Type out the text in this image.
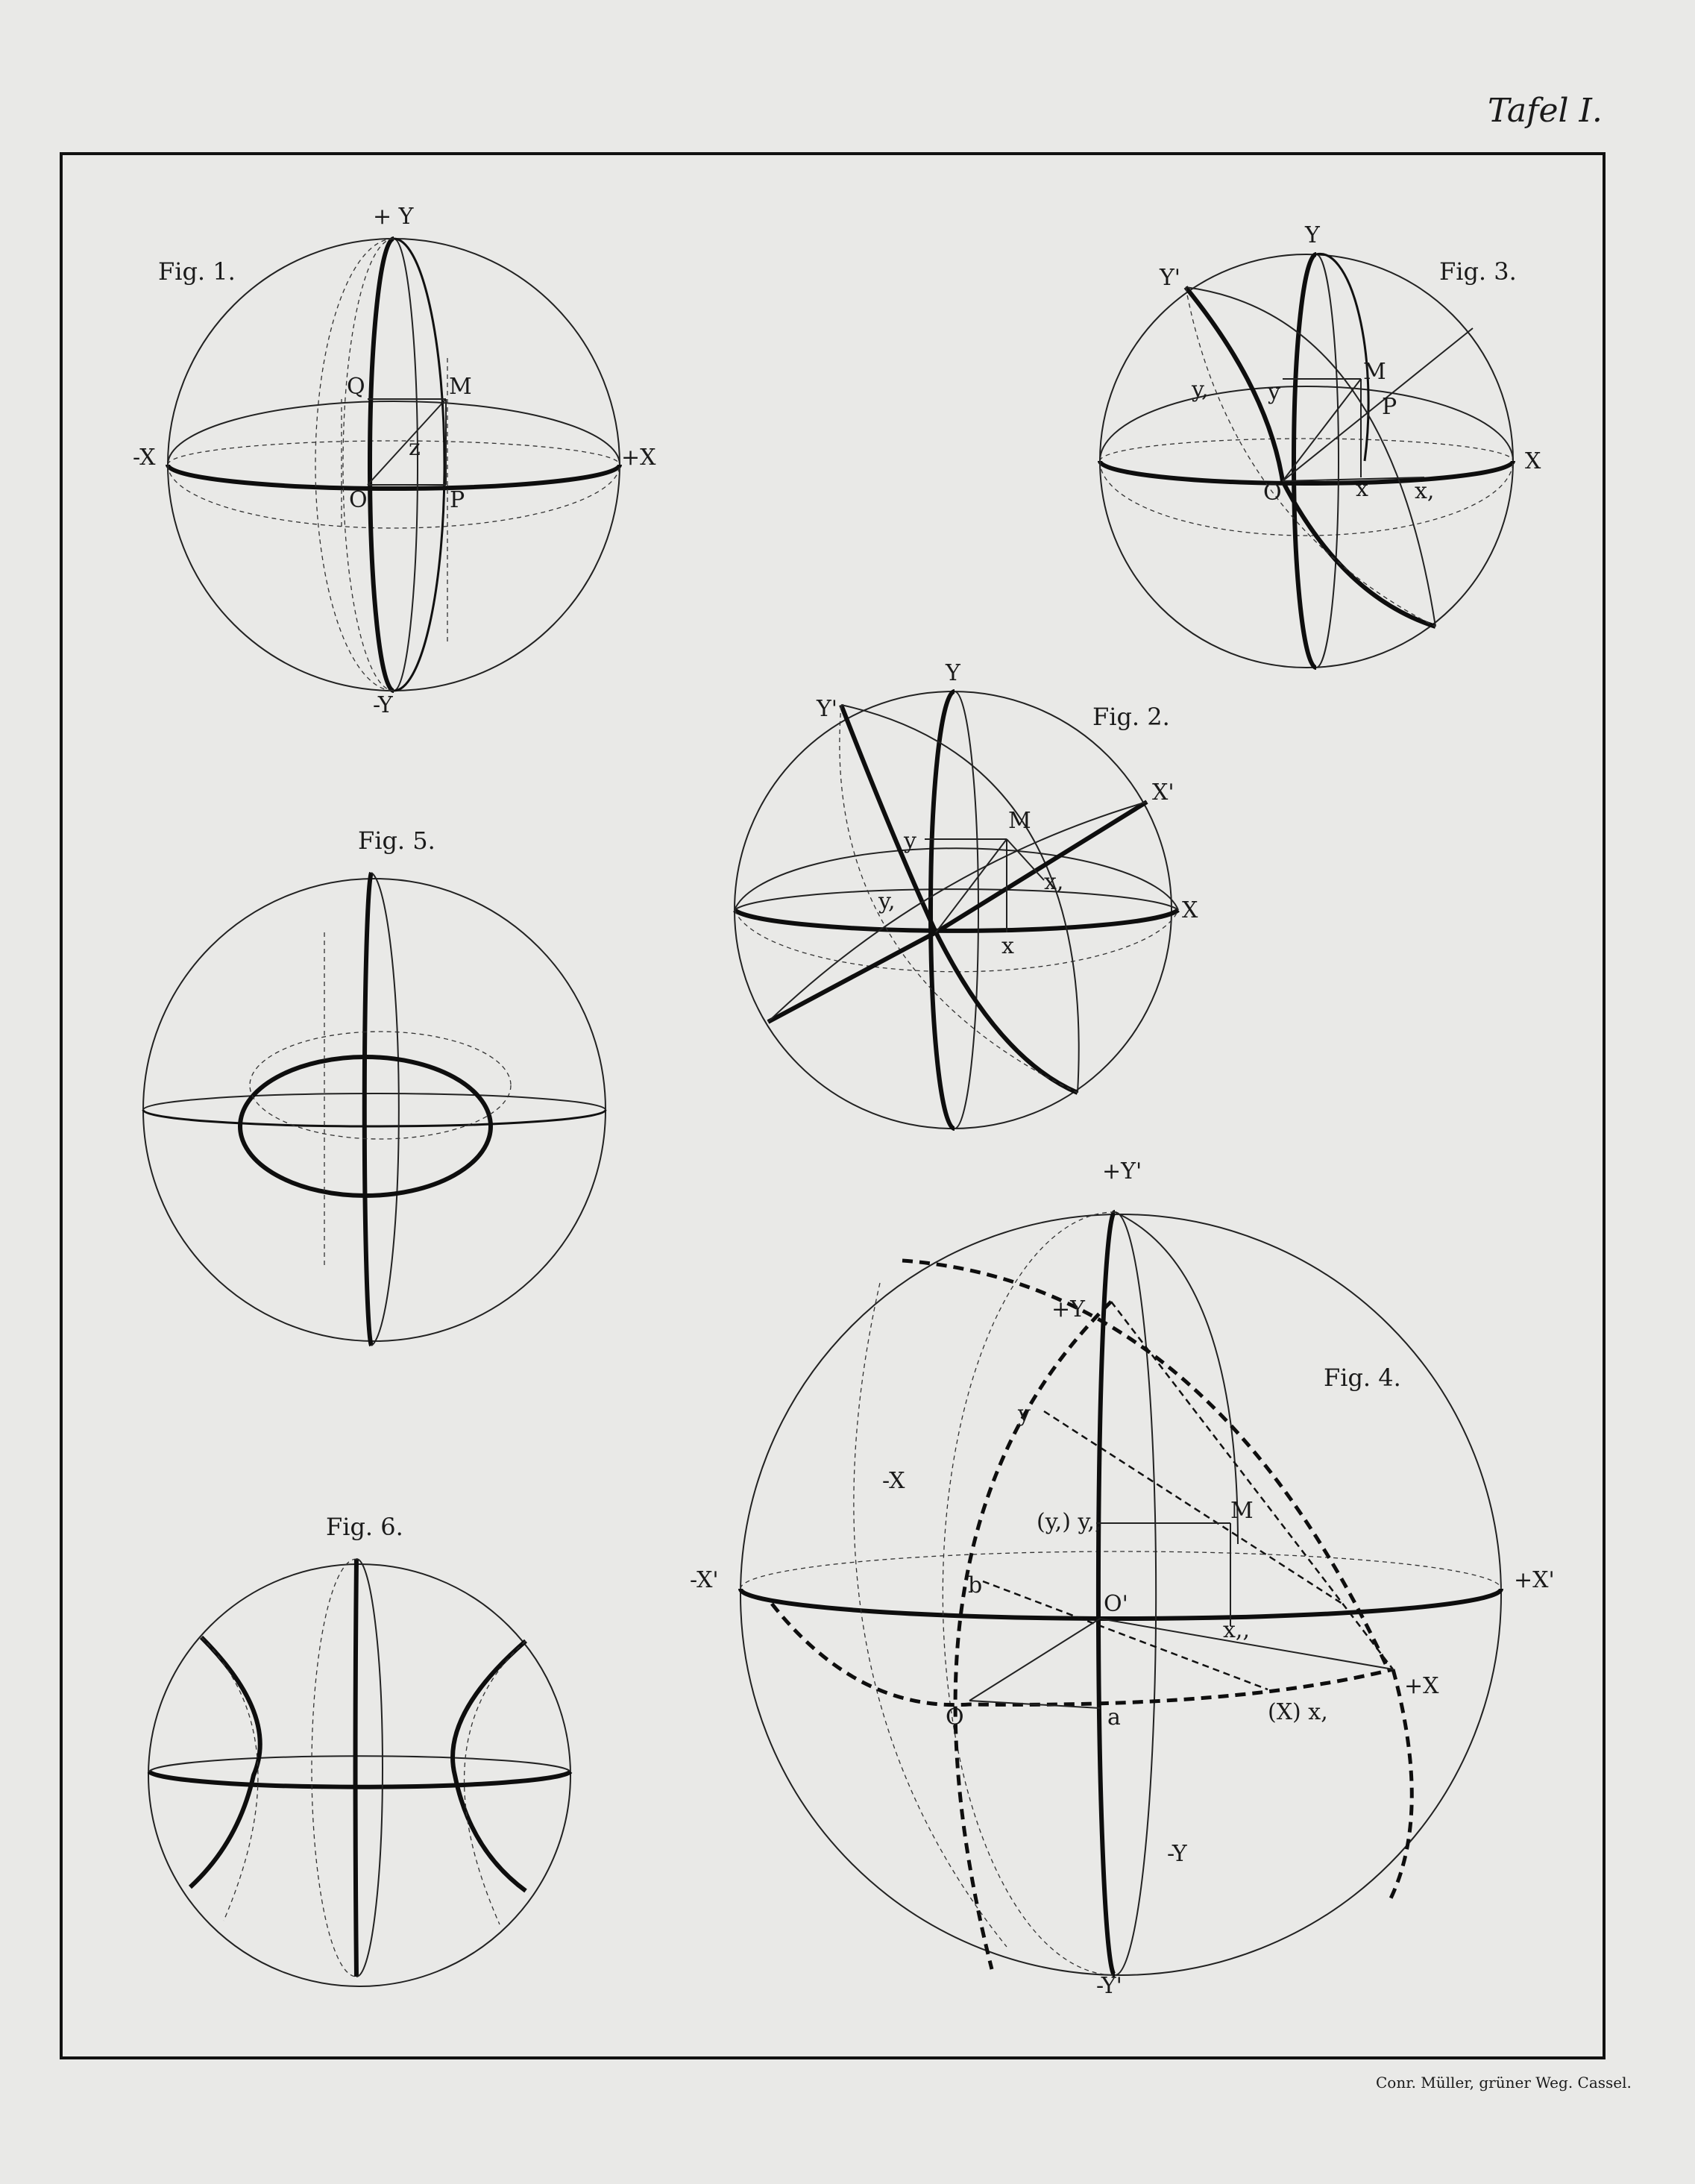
Tafel I.
Conr. Müller, grüner Weg. Cassel.
Fig. 1.
+ Y
-Y
-X	+X
Q	M
z
O	P
Fig. 3.
Y
Y'
X
M
P
y,	y
O	x x,
Fig. 2.
Y
Y'
X'
X
M
y
x,
y,
x
Fig. 5.
Fig. 6.
Fig. 4.
+Y'
+Y
y
-X
M
(y,) y,,
-X'	+X'
b
O'
x,,
+X
O	a	(X) x,
-Y
-Y'
